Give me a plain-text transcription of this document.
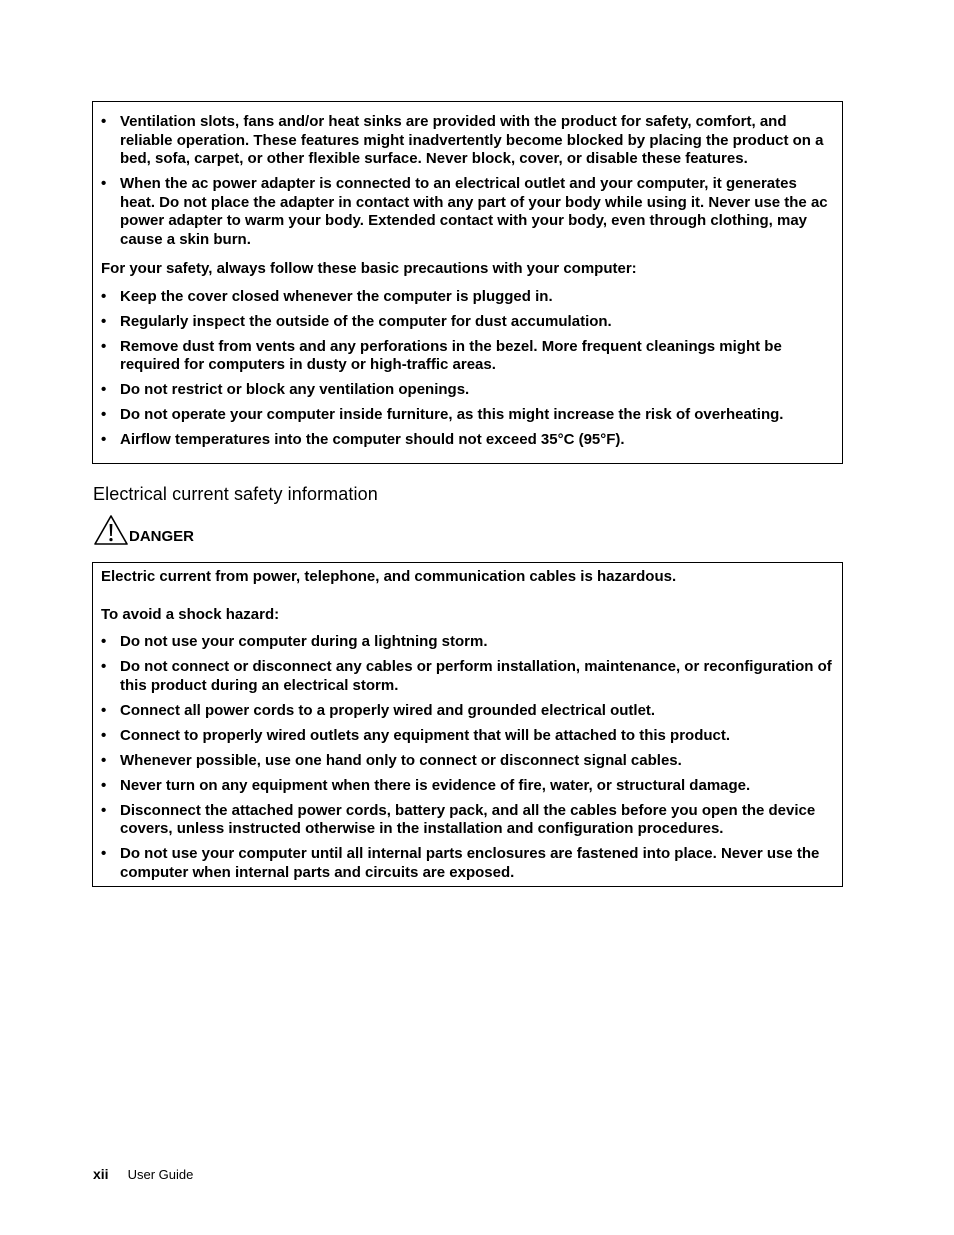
• Ventilation slots, fans and/or heat sinks are provided with the product for safety, comfort, and reliable operation. These features might inadvertently become blocked by placing the product on a bed, sofa, carpet, or other flexible surface. Never block, cover, or disable these features.
• When the ac power adapter is connected to an electrical outlet and your computer, it generates heat. Do not place the adapter in contact with any part of your body while using it. Never use the ac power adapter to warm your body. Extended contact with your body, even through clothing, may cause a skin burn.

For your safety, always follow these basic precautions with your computer:

• Keep the cover closed whenever the computer is plugged in.
• Regularly inspect the outside of the computer for dust accumulation.
• Remove dust from vents and any perforations in the bezel. More frequent cleanings might be required for computers in dusty or high-traffic areas.
• Do not restrict or block any ventilation openings.
• Do not operate your computer inside furniture, as this might increase the risk of overheating.
• Airflow temperatures into the computer should not exceed 35°C (95°F).
Electrical current safety information
DANGER

Electric current from power, telephone, and communication cables is hazardous.

To avoid a shock hazard:

• Do not use your computer during a lightning storm.
• Do not connect or disconnect any cables or perform installation, maintenance, or reconfiguration of this product during an electrical storm.
• Connect all power cords to a properly wired and grounded electrical outlet.
• Connect to properly wired outlets any equipment that will be attached to this product.
• Whenever possible, use one hand only to connect or disconnect signal cables.
• Never turn on any equipment when there is evidence of fire, water, or structural damage.
• Disconnect the attached power cords, battery pack, and all the cables before you open the device covers, unless instructed otherwise in the installation and configuration procedures.
• Do not use your computer until all internal parts enclosures are fastened into place. Never use the computer when internal parts and circuits are exposed.
xii User Guide
